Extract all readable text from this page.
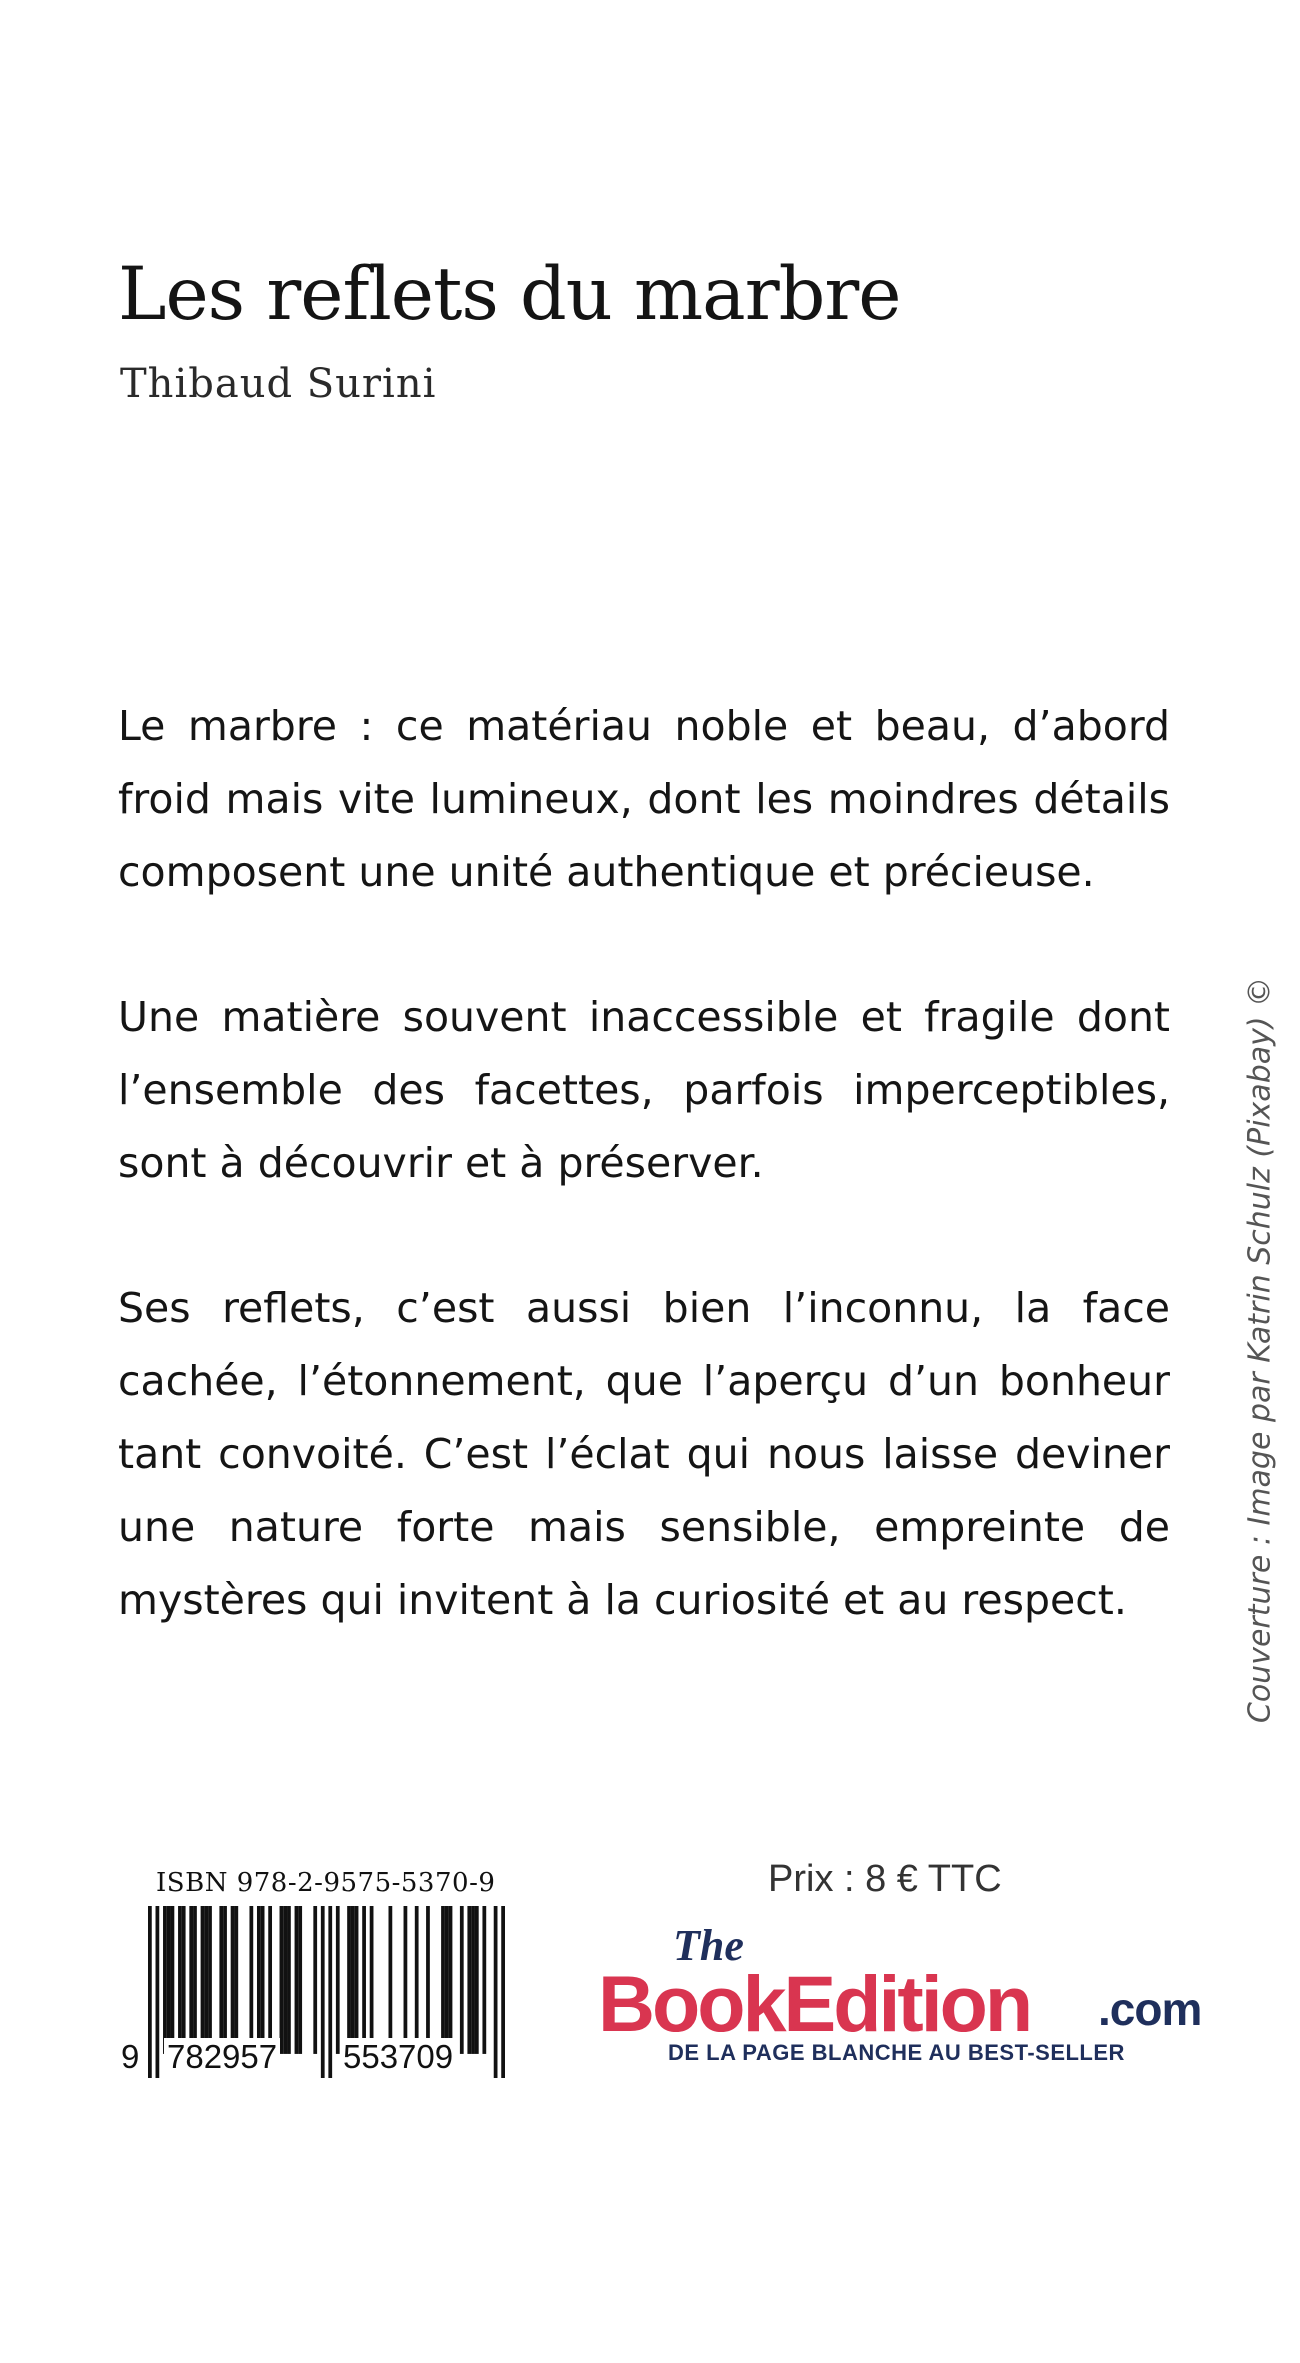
Les reflets du marbre
Thibaud Surini

Le marbre : ce matériau noble et beau, d’abord froid mais vite lumineux, dont les moindres détails composent une unité authentique et précieuse.

Une matière souvent inaccessible et fragile dont l’ensemble des facettes, parfois imperceptibles, sont à découvrir et à préserver.

Ses reflets, c’est aussi bien l’inconnu, la face cachée, l’étonnement, que l’aperçu d’un bonheur tant convoité. C’est l’éclat qui nous laisse deviner une nature forte mais sensible, empreinte de mystères qui invitent à la curiosité et au respect.

ISBN 978-2-9575-5370-9
9 782957 553709
Prix : 8 € TTC
The
BookEdition .com
DE LA PAGE BLANCHE AU BEST-SELLER
Couverture : Image par Katrin Schulz (Pixabay) ©
